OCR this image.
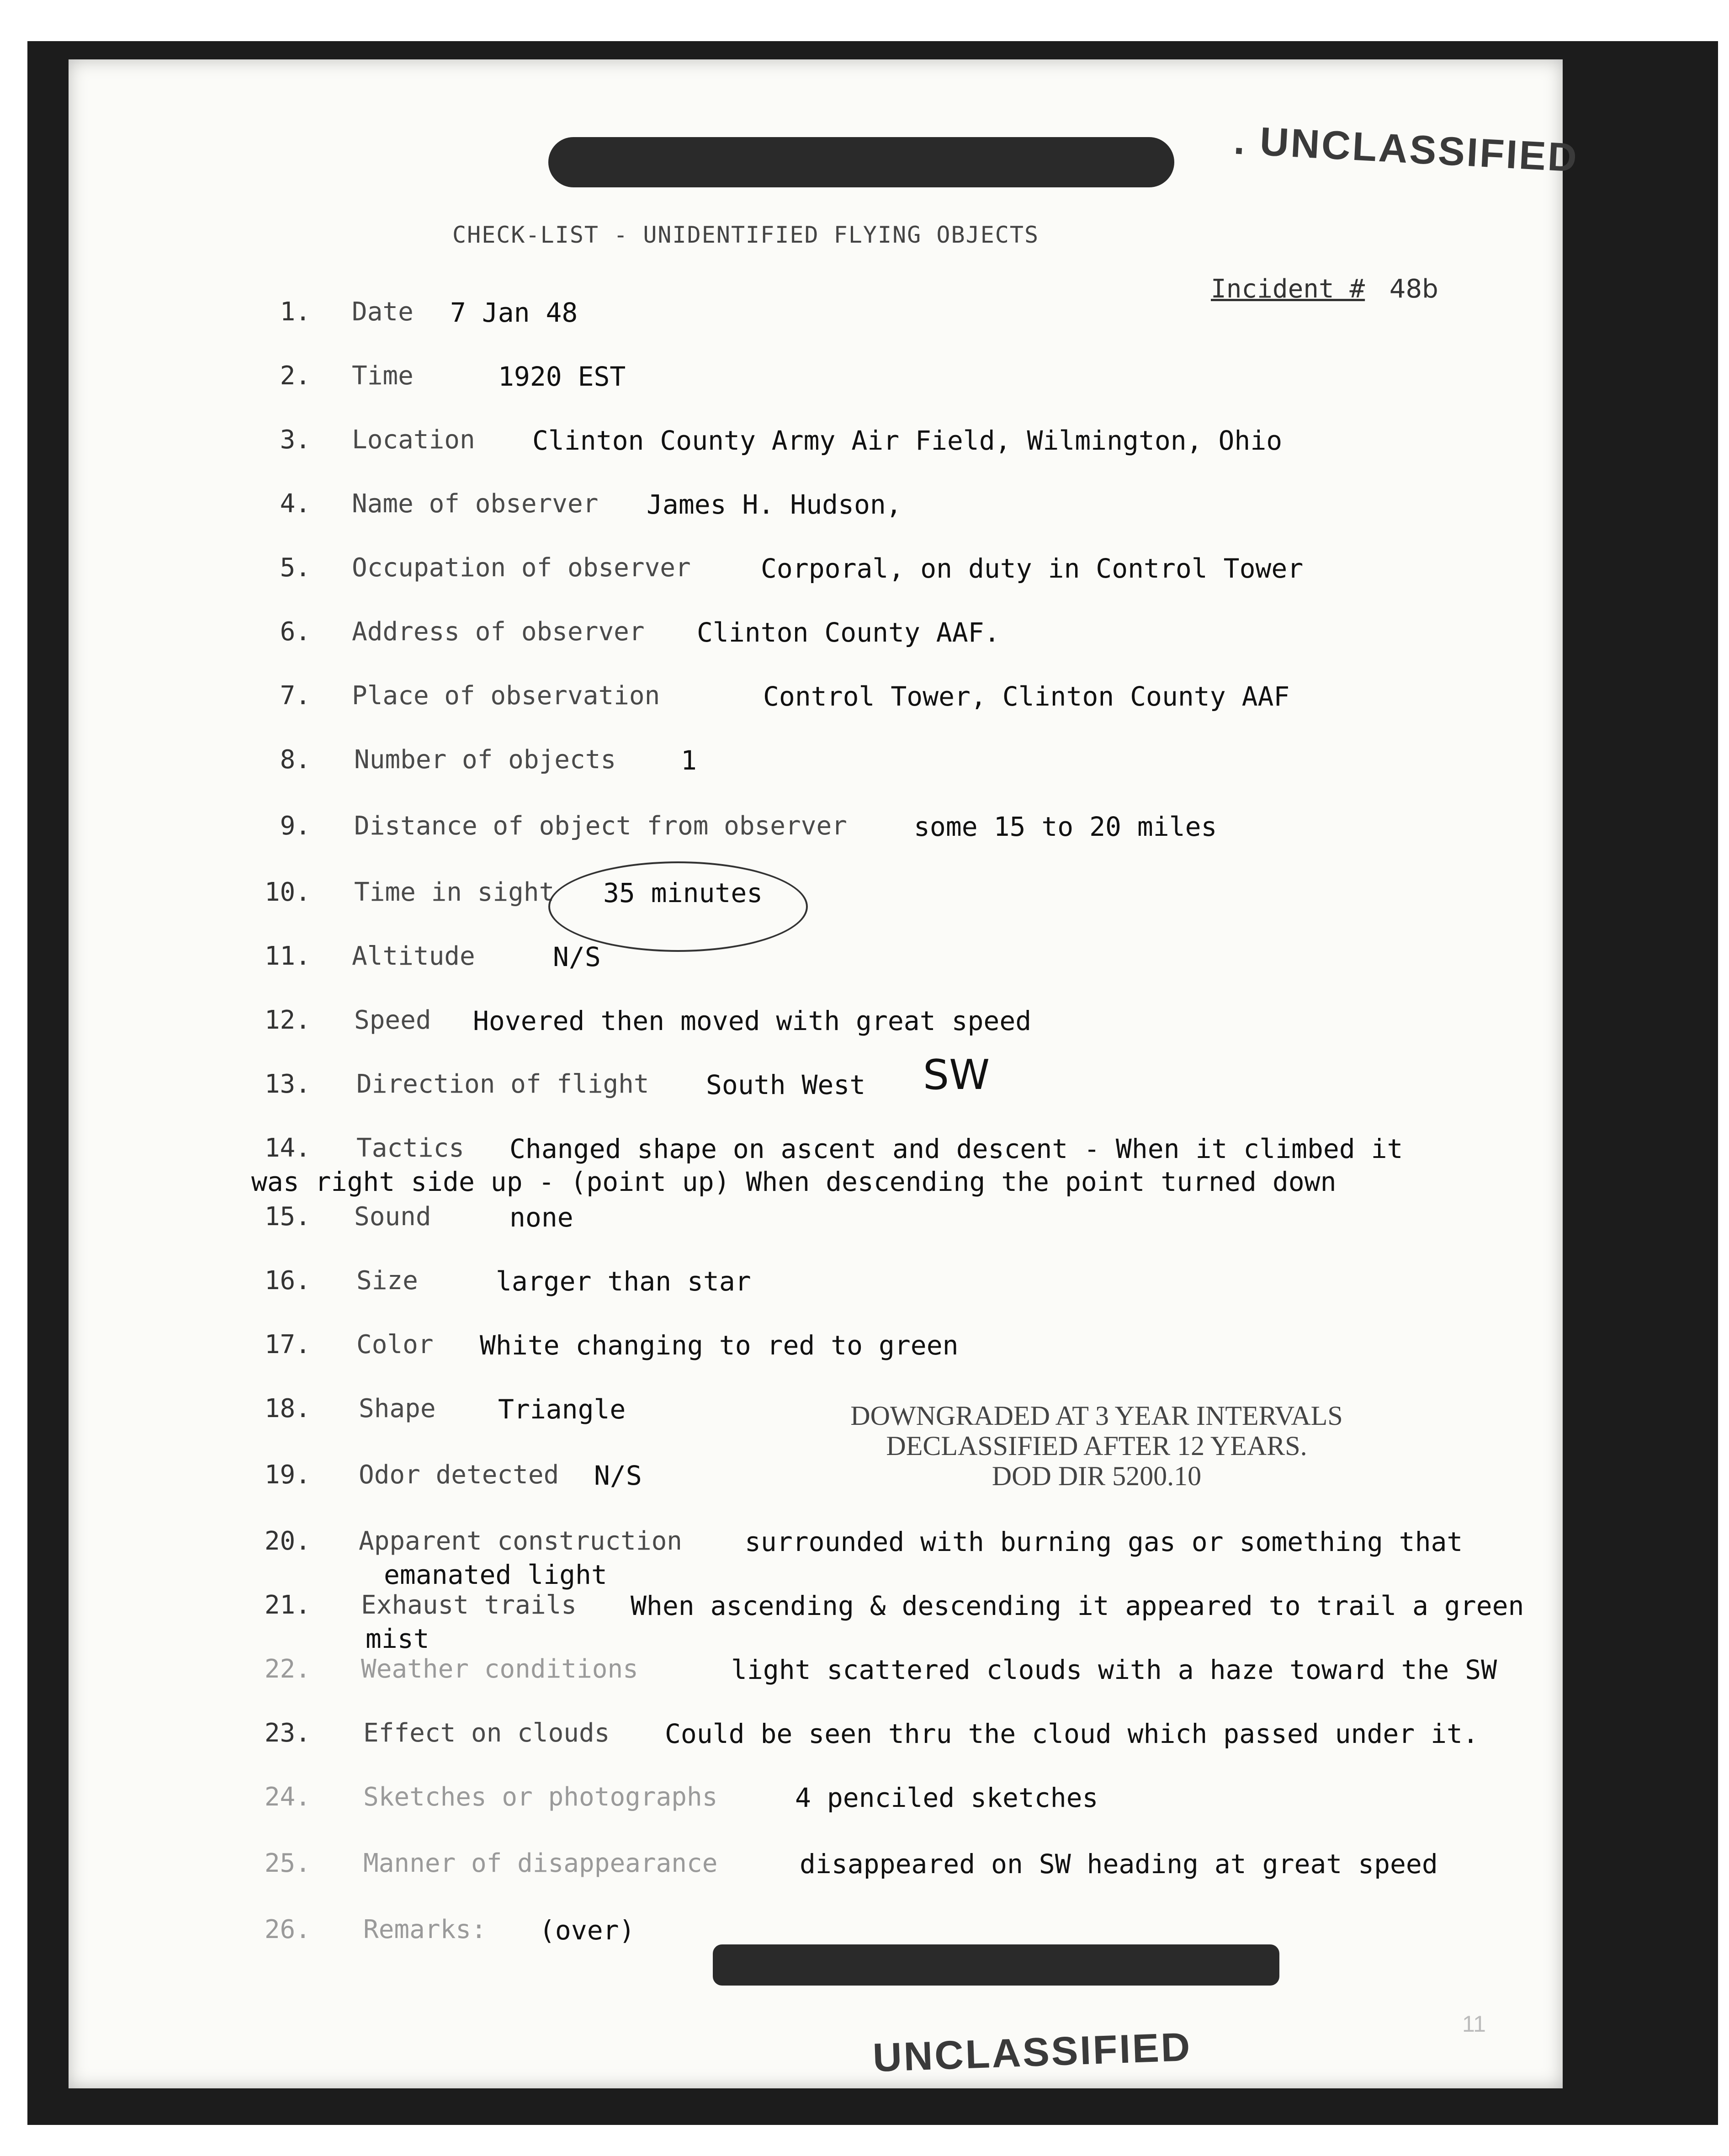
. UNCLASSIFIED
CHECK-LIST - UNIDENTIFIED FLYING OBJECTS
Incident # 48b
1. Date 7 Jan 48
2. Time	1920 EST
3. Location Clinton County Army Air Field, Wilmington, Ohio
4. Name of observer James H. Hudson,
5. Occupation of observer	Corporal, on duty in Control Tower
6. Address of observer Clinton County AAF.
7. Place of observation	Control Tower, Clinton County AAF
8. Number of objects 1
9. Distance of object from observer	some 15 to 20 miles
10. Time in sight 35 minutes
11. Altitude	N/S
12. Speed Hovered then moved with great speed
13. Direction of flight South West SW
14. Tactics Changed shape on ascent and descent - When it climbed it
was right side up - (point up) When descending the point turned down
15. Sound	none
16. Size	larger than star
17. Color White changing to red to green
18. Shape Triangle
19. Odor detected N/S
20. Apparent construction surrounded with burning gas or something that
emanated light
21. Exhaust trails When ascending & descending it appeared to trail a green
mist
22. Weather conditions	light scattered clouds with a haze toward the SW
23. Effect on clouds Could be seen thru the cloud which passed under it.
24. Sketches or photographs	4 penciled sketches
25. Manner of disappearance	disappeared on SW heading at great speed
26. Remarks: (over)
DOWNGRADED AT 3 YEAR INTERVALS
DECLASSIFIED AFTER 12 YEARS.
DOD DIR 5200.10
UNCLASSIFIED	11
